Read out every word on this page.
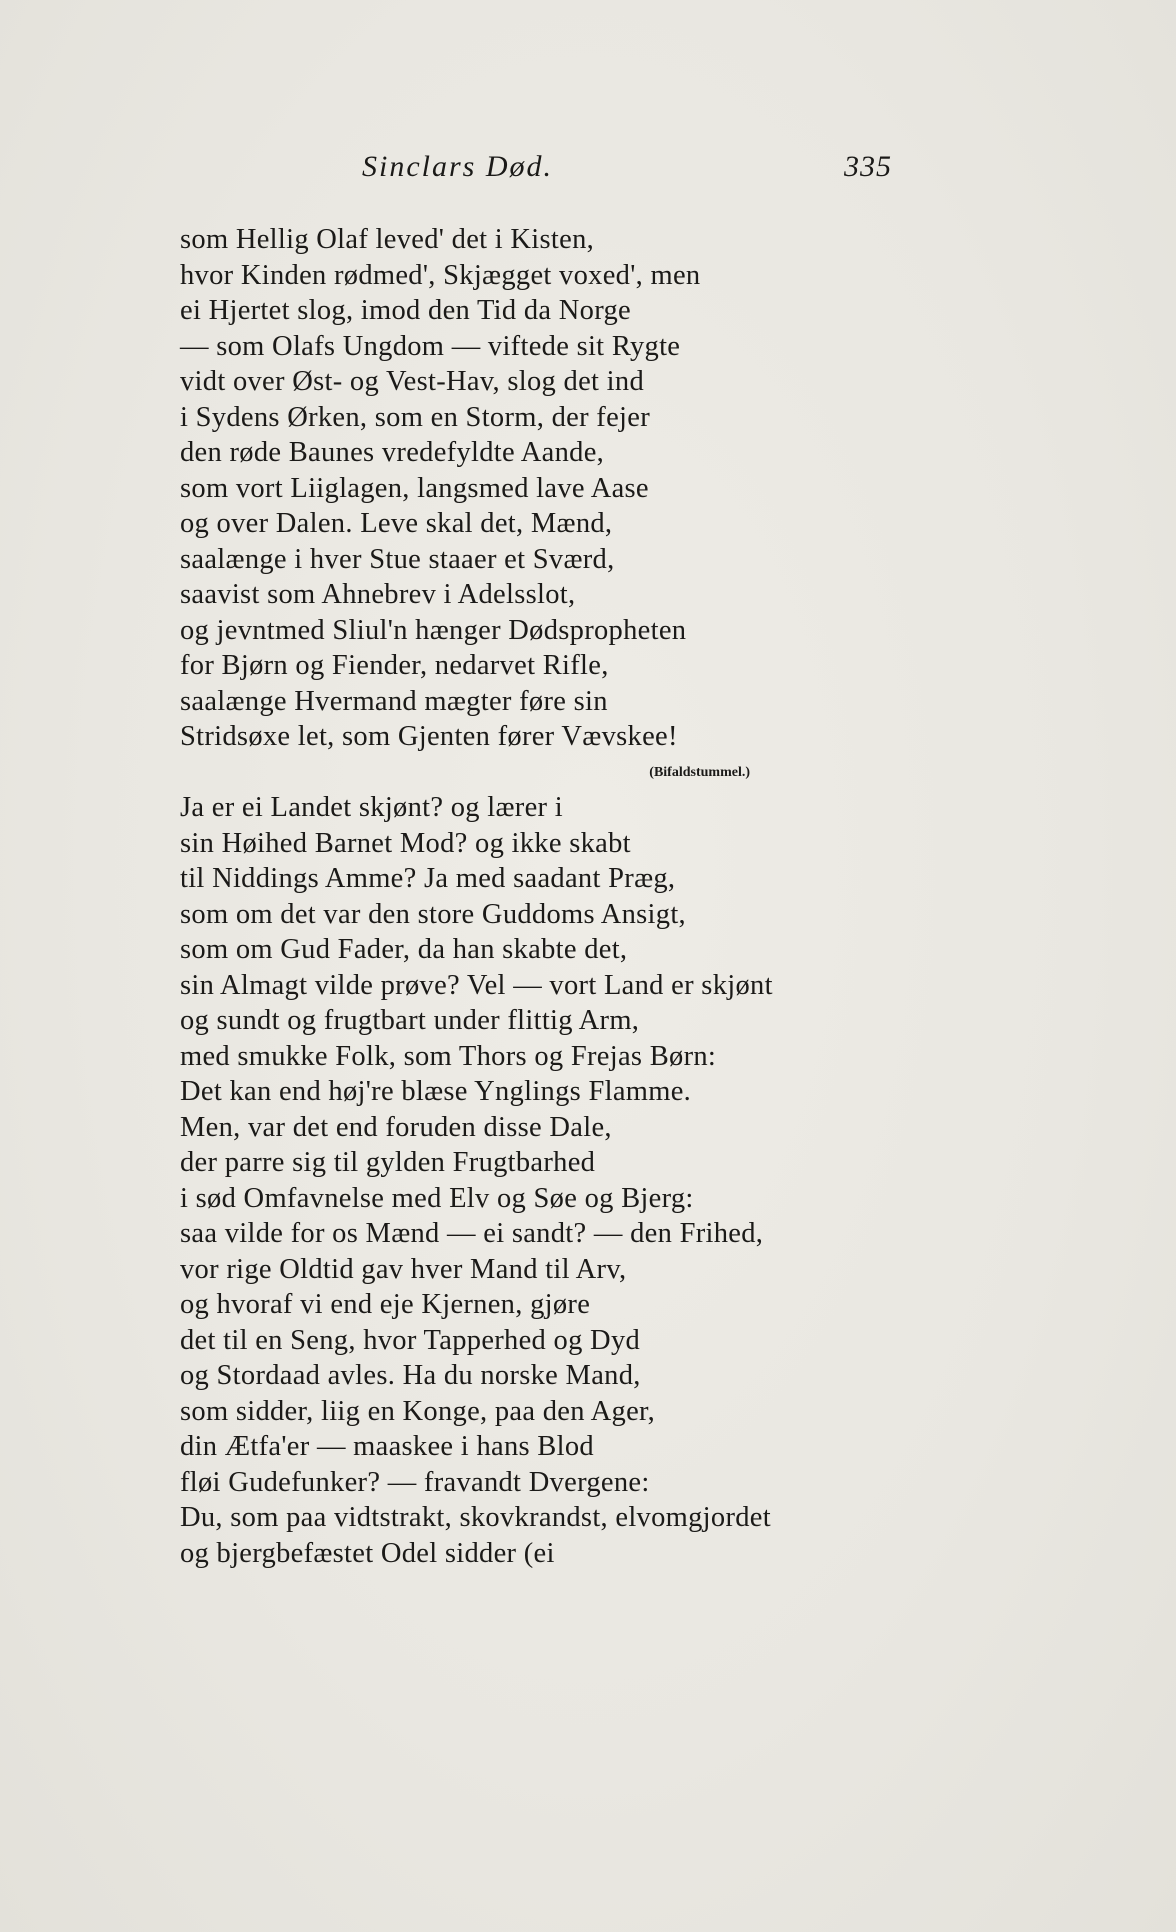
Sinclars Død.	335
som Hellig Olaf leved' det i Kisten,
hvor Kinden rødmed', Skjægget voxed', men
ei Hjertet slog, imod den Tid da Norge
— som Olafs Ungdom — viftede sit Rygte
vidt over Øst- og Vest-Hav, slog det ind
i Sydens Ørken, som en Storm, der fejer
den røde Baunes vredefyldte Aande,
som vort Liiglagen, langsmed lave Aase
og over Dalen. Leve skal det, Mænd,
saalænge i hver Stue staaer et Sværd,
saavist som Ahnebrev i Adelsslot,
og jevntmed Sliul'n hænger Dødspropheten
for Bjørn og Fiender, nedarvet Rifle,
saalænge Hvermand mægter føre sin
Stridsøxe let, som Gjenten fører Vævskee!
(Bifaldstummel.)
Ja er ei Landet skjønt? og lærer i
sin Høihed Barnet Mod? og ikke skabt
til Niddings Amme? Ja med saadant Præg,
som om det var den store Guddoms Ansigt,
som om Gud Fader, da han skabte det,
sin Almagt vilde prøve? Vel — vort Land er skjønt
og sundt og frugtbart under flittig Arm,
med smukke Folk, som Thors og Frejas Børn:
Det kan end høj're blæse Ynglings Flamme.
Men, var det end foruden disse Dale,
der parre sig til gylden Frugtbarhed
i sød Omfavnelse med Elv og Søe og Bjerg:
saa vilde for os Mænd — ei sandt? — den Frihed,
vor rige Oldtid gav hver Mand til Arv,
og hvoraf vi end eje Kjernen, gjøre
det til en Seng, hvor Tapperhed og Dyd
og Stordaad avles. Ha du norske Mand,
som sidder, liig en Konge, paa den Ager,
din Ætfa'er — maaskee i hans Blod
fløi Gudefunker? — fravandt Dvergene:
Du, som paa vidtstrakt, skovkrandst, elvomgjordet
og bjergbefæstet Odel sidder (ei
